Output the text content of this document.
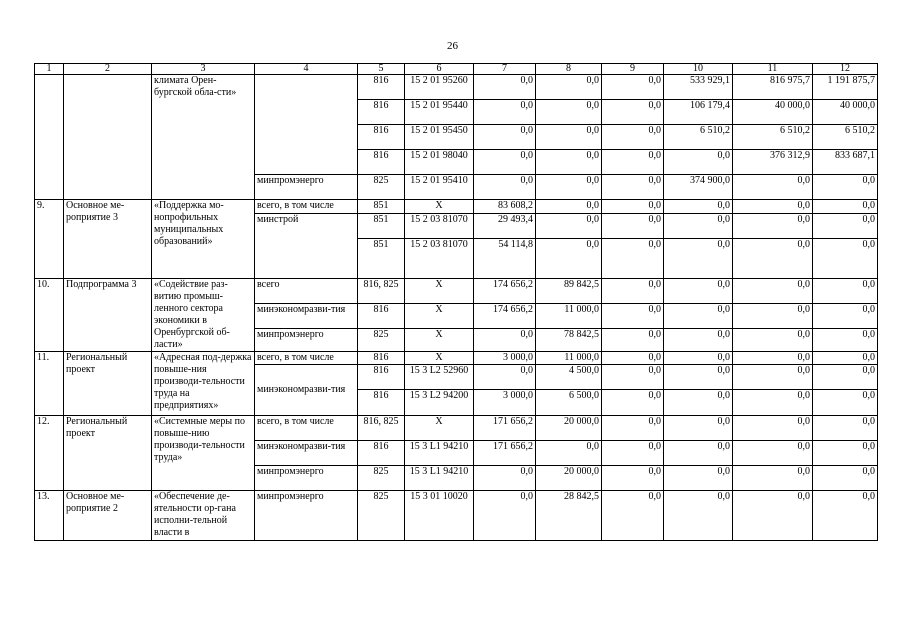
26
1	2	3	4	5	6	7	8	9	10	11	12
		климата Орен-бургской обла-сти»		816	15 2 01 95260	0,0	0,0	0,0	533 929,1	816 975,7	1 191 875,7
				816	15 2 01 95440	0,0	0,0	0,0	106 179,4	40 000,0	40 000,0
				816	15 2 01 95450	0,0	0,0	0,0	6 510,2	6 510,2	6 510,2
				816	15 2 01 98040	0,0	0,0	0,0	0,0	376 312,9	833 687,1
			минпромэнерго	825	15 2 01 95410	0,0	0,0	0,0	374 900,0	0,0	0,0
9.	Основное ме-роприятие 3	«Поддержка мо-нопрофильных муниципальных образований»	всего, в том числе	851	Х	83 608,2	0,0	0,0	0,0	0,0	0,0
			минстрой	851	15 2 03 81070	29 493,4	0,0	0,0	0,0	0,0	0,0
				851	15 2 03 81070	54 114,8	0,0	0,0	0,0	0,0	0,0
10.	Подпрограмма 3	«Содействие раз-витию промыш-ленного сектора экономики в Оренбургской об-ласти»	всего	816, 825	Х	174 656,2	89 842,5	0,0	0,0	0,0	0,0
			минэкономразви-тия	816	Х	174 656,2	11 000,0	0,0	0,0	0,0	0,0
			минпромэнерго	825	Х	0,0	78 842,5	0,0	0,0	0,0	0,0
11.	Региональный проект	«Адресная под-держка повыше-ния производи-тельности труда на предприятиях»	всего, в том числе	816	Х	3 000,0	11 000,0	0,0	0,0	0,0	0,0
			минэкономразви-тия	816	15 3 L2 52960	0,0	4 500,0	0,0	0,0	0,0	0,0
				816	15 3 L2 94200	3 000,0	6 500,0	0,0	0,0	0,0	0,0
12.	Региональный проект	«Системные меры по повыше-нию производи-тельности труда»	всего, в том числе	816, 825	Х	171 656,2	20 000,0	0,0	0,0	0,0	0,0
			минэкономразви-тия	816	15 3 L1 94210	171 656,2	0,0	0,0	0,0	0,0	0,0
			минпромэнерго	825	15 3 L1 94210	0,0	20 000,0	0,0	0,0	0,0	0,0
13.	Основное ме-роприятие 2	«Обеспечение де-ятельности ор-гана исполни-тельной власти в	минпромэнерго	825	15 3 01 10020	0,0	28 842,5	0,0	0,0	0,0	0,0
